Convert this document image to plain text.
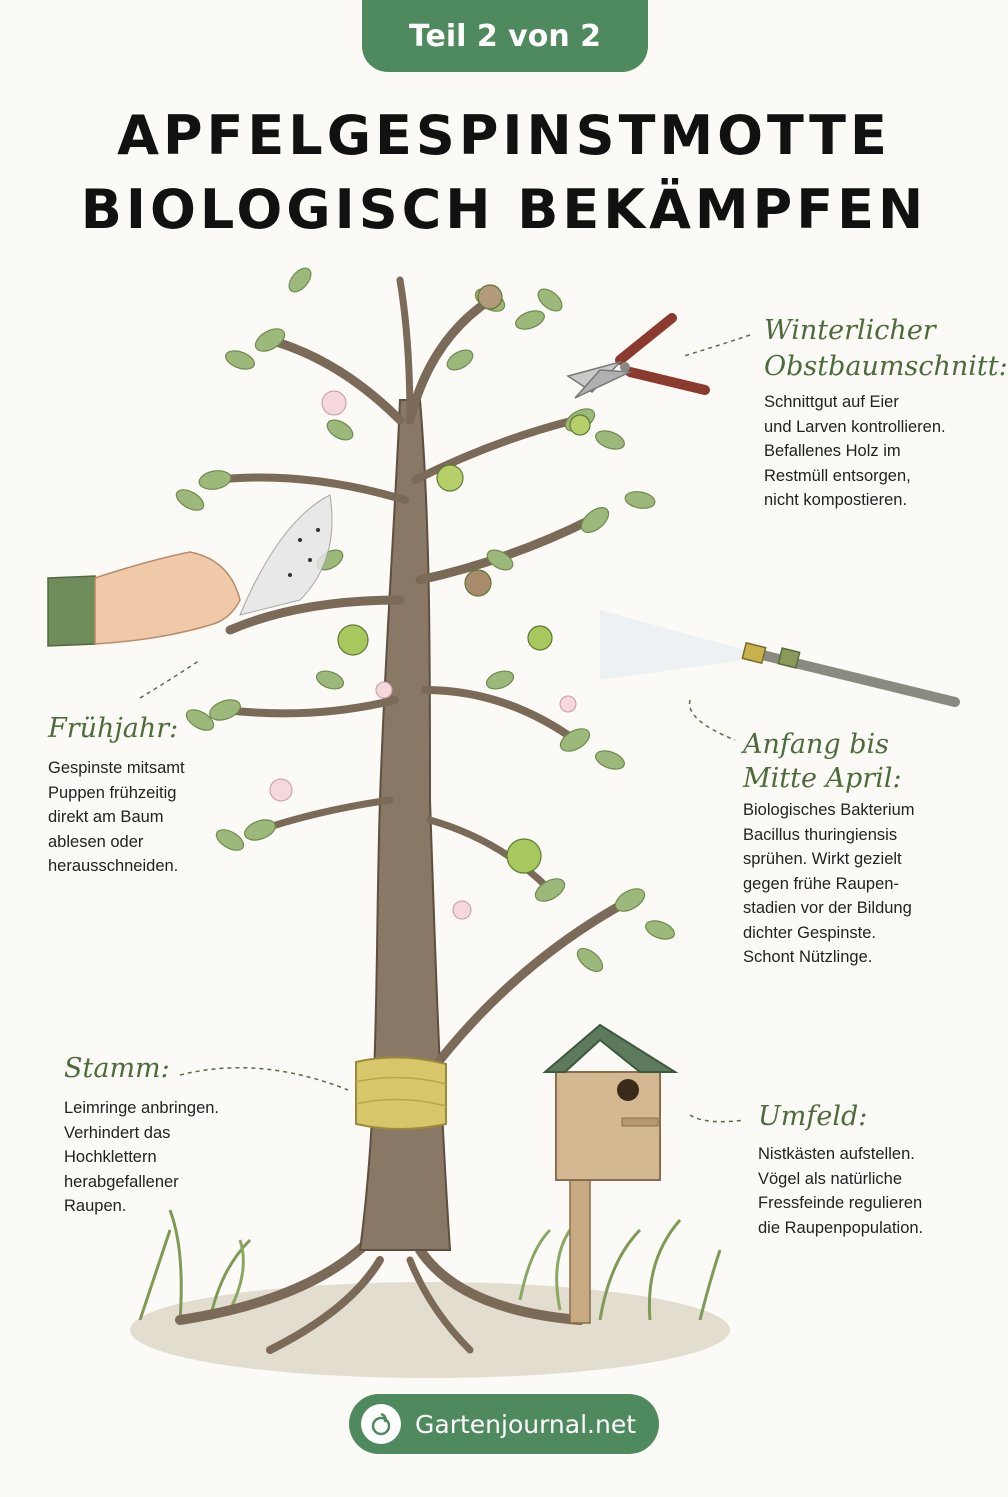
Teil 2 von 2
APFELGESPINSTMOTTE
BIOLOGISCH BEKÄMPFEN
Winterlicher
Obstbaumschnitt:
Schnittgut auf Eier
und Larven kontrollieren.
Befallenes Holz im
Restmüll entsorgen,
nicht kompostieren.
Frühjahr:
Gespinste mitsamt
Puppen frühzeitig
direkt am Baum
ablesen oder
herausschneiden.
Anfang bis
Mitte April:
Biologisches Bakterium
Bacillus thuringiensis
sprühen. Wirkt gezielt
gegen frühe Raupen-
stadien vor der Bildung
dichter Gespinste.
Schont Nützlinge.
Stamm:
Leimringe anbringen.
Verhindert das
Hochklettern
herabgefallener
Raupen.
Umfeld:
Nistkästen aufstellen.
Vögel als natürliche
Fressfeinde regulieren
die Raupenpopulation.
Gartenjournal.net
